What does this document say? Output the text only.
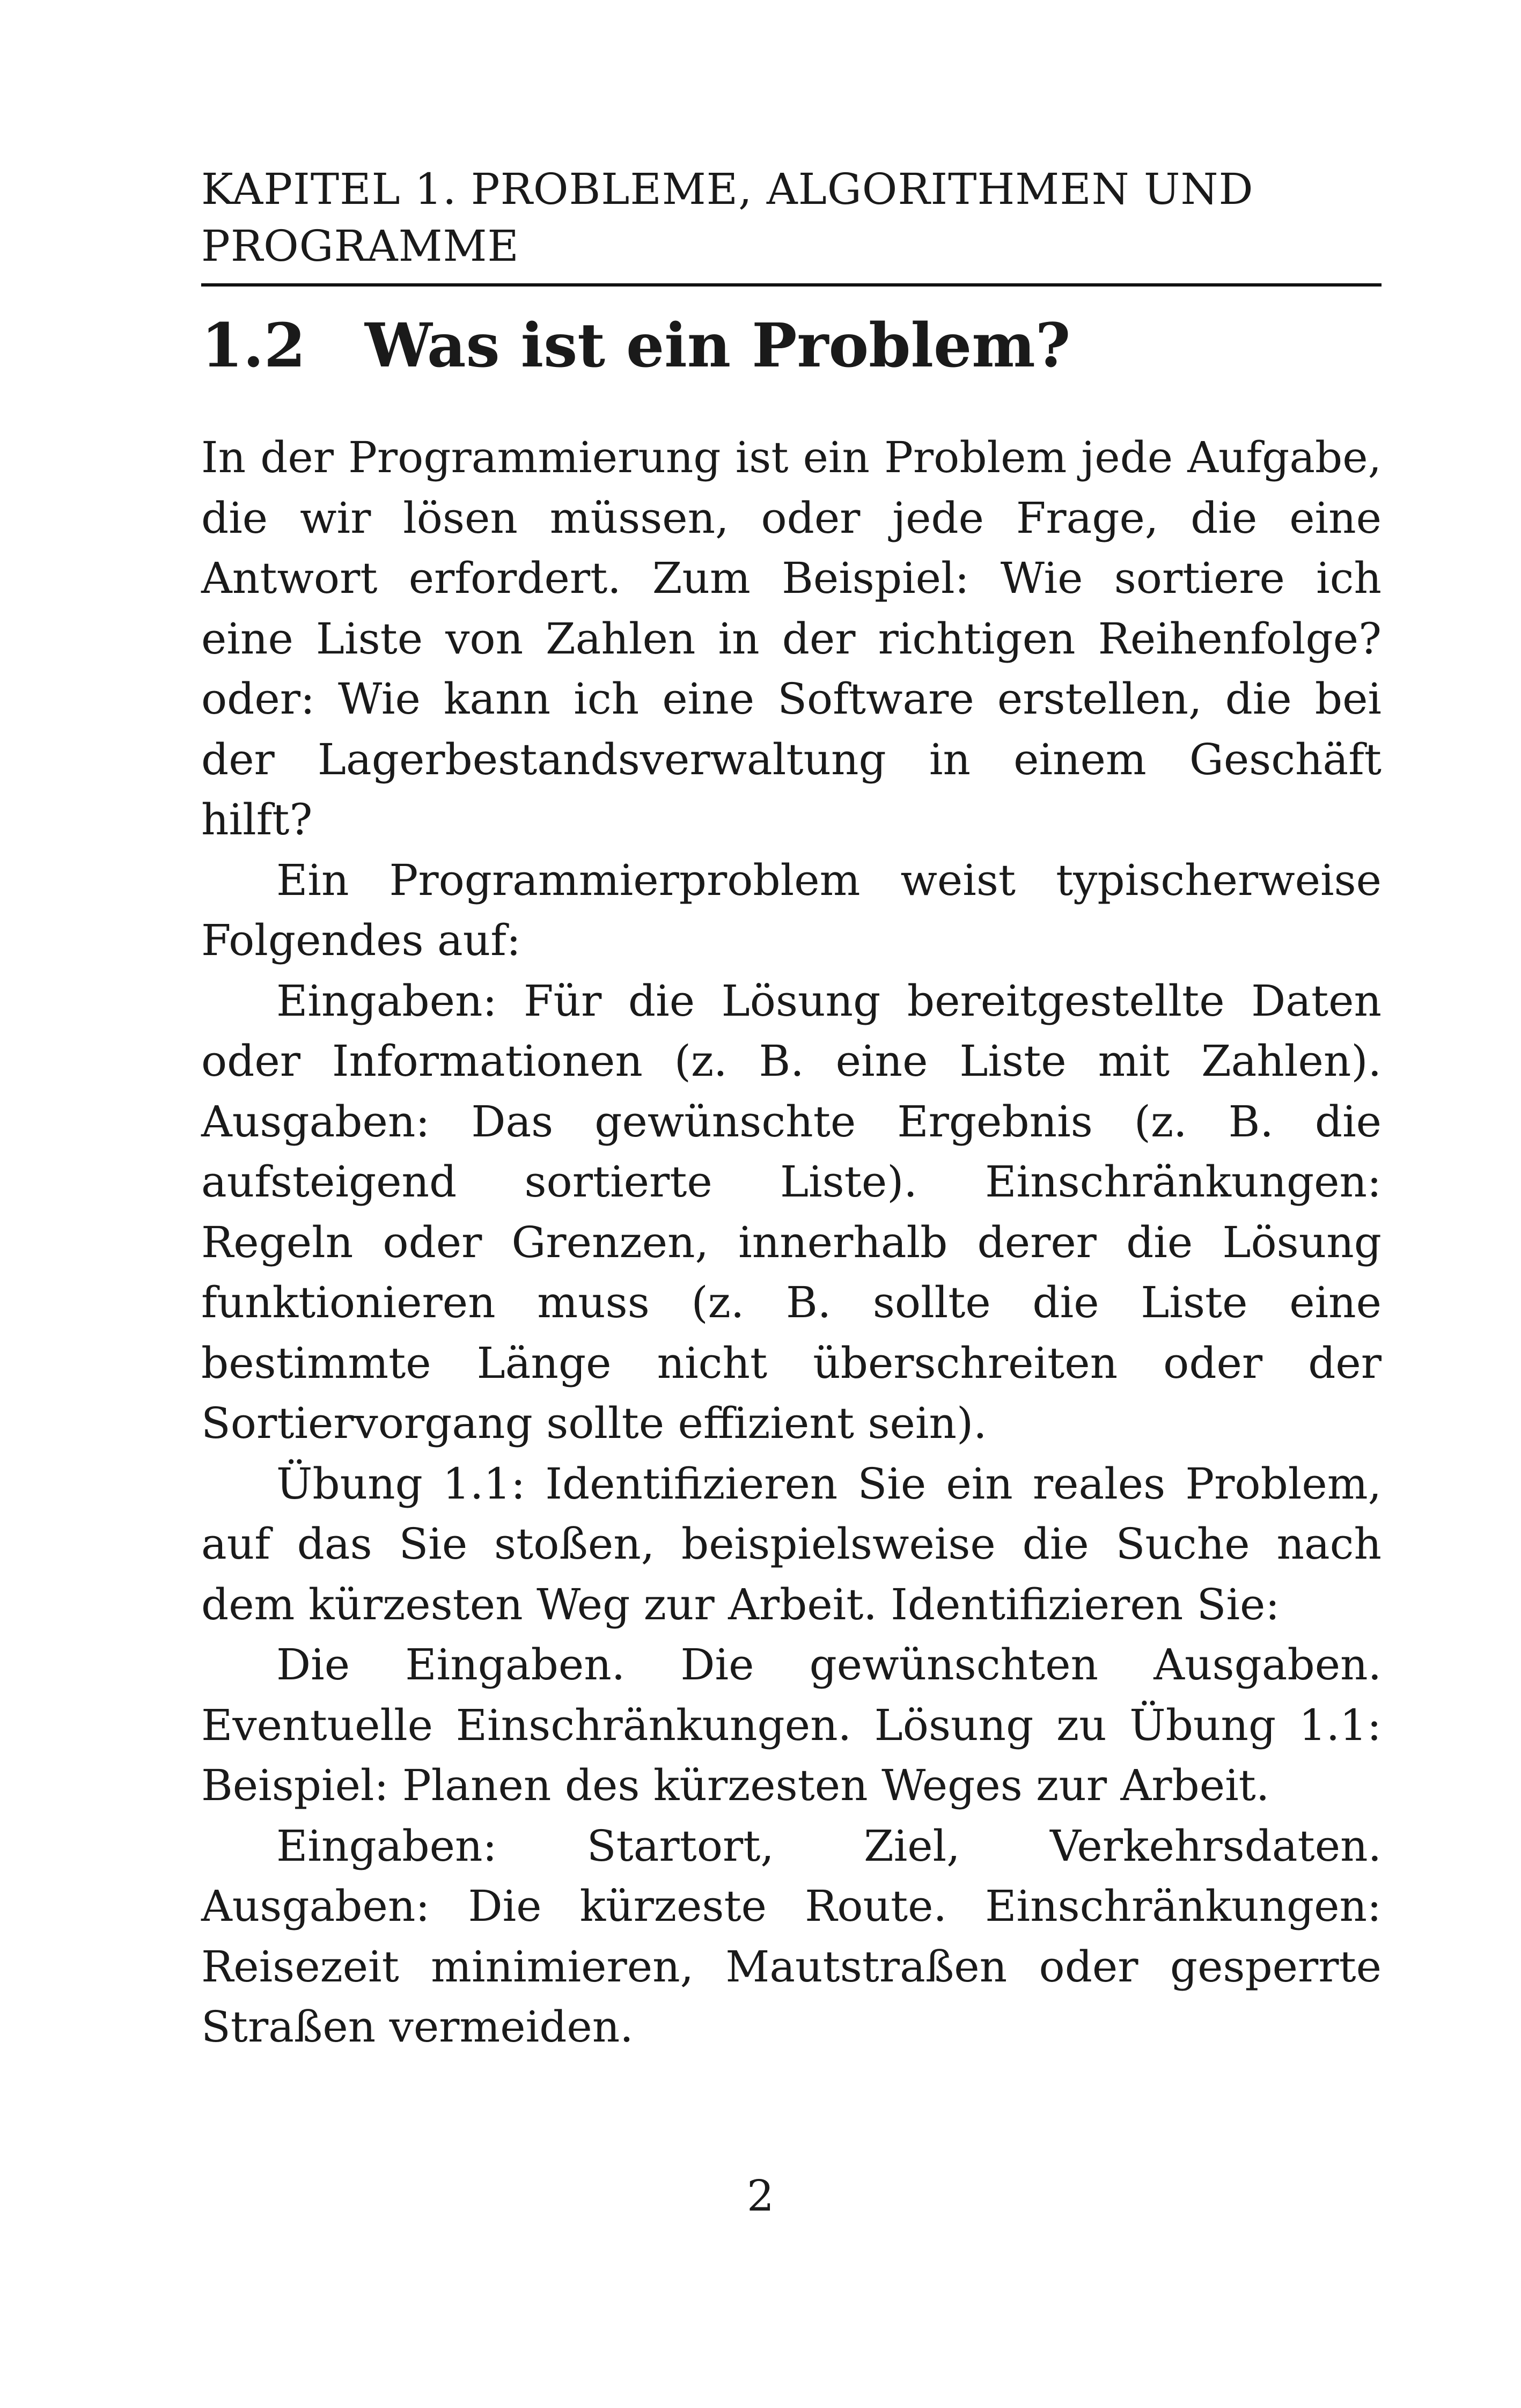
KAPITEL 1. PROBLEME, ALGORITHMEN UND PROGRAMME

1.2 Was ist ein Problem?

In der Programmierung ist ein Problem jede Aufgabe, die wir lösen müssen, oder jede Frage, die eine Antwort erfordert. Zum Beispiel: Wie sortiere ich eine Liste von Zahlen in der richtigen Reihenfolge? oder: Wie kann ich eine Software erstellen, die bei der Lagerbestandsverwaltung in einem Geschäft hilft?

Ein Programmierproblem weist typischerweise Folgendes auf:

Eingaben: Für die Lösung bereitgestellte Daten oder Informationen (z. B. eine Liste mit Zahlen). Ausgaben: Das gewünschte Ergebnis (z. B. die aufsteigend sortierte Liste). Einschränkungen: Regeln oder Grenzen, innerhalb derer die Lösung funktionieren muss (z. B. sollte die Liste eine bestimmte Länge nicht überschreiten oder der Sortiervorgang sollte effizient sein).

Übung 1.1: Identifizieren Sie ein reales Problem, auf das Sie stoßen, beispielsweise die Suche nach dem kürzesten Weg zur Arbeit. Identifizieren Sie:

Die Eingaben. Die gewünschten Ausgaben. Eventuelle Einschränkungen. Lösung zu Übung 1.1: Beispiel: Planen des kürzesten Weges zur Arbeit.

Eingaben: Startort, Ziel, Verkehrsdaten. Ausgaben: Die kürzeste Route. Einschränkungen: Reisezeit minimieren, Mautstraßen oder gesperrte Straßen vermeiden.

2
